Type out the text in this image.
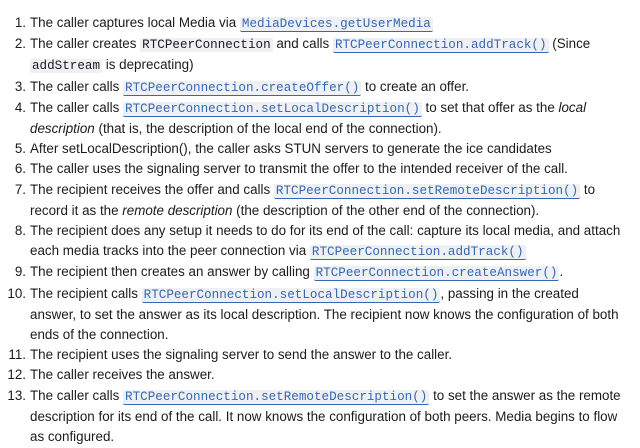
1. The caller captures local Media via MediaDevices.getUserMedia
2. The caller creates RTCPeerConnection and calls RTCPeerConnection.addTrack() (Since addStream is deprecating)
3. The caller calls RTCPeerConnection.createOffer() to create an offer.
4. The caller calls RTCPeerConnection.setLocalDescription() to set that offer as the local description (that is, the description of the local end of the connection).
5. After setLocalDescription(), the caller asks STUN servers to generate the ice candidates
6. The caller uses the signaling server to transmit the offer to the intended receiver of the call.
7. The recipient receives the offer and calls RTCPeerConnection.setRemoteDescription() to record it as the remote description (the description of the other end of the connection).
8. The recipient does any setup it needs to do for its end of the call: capture its local media, and attach each media tracks into the peer connection via RTCPeerConnection.addTrack()
9. The recipient then creates an answer by calling RTCPeerConnection.createAnswer() .
10. The recipient calls RTCPeerConnection.setLocalDescription() , passing in the created answer, to set the answer as its local description. The recipient now knows the configuration of both ends of the connection.
11. The recipient uses the signaling server to send the answer to the caller.
12. The caller receives the answer.
13. The caller calls RTCPeerConnection.setRemoteDescription() to set the answer as the remote description for its end of the call. It now knows the configuration of both peers. Media begins to flow as configured.
